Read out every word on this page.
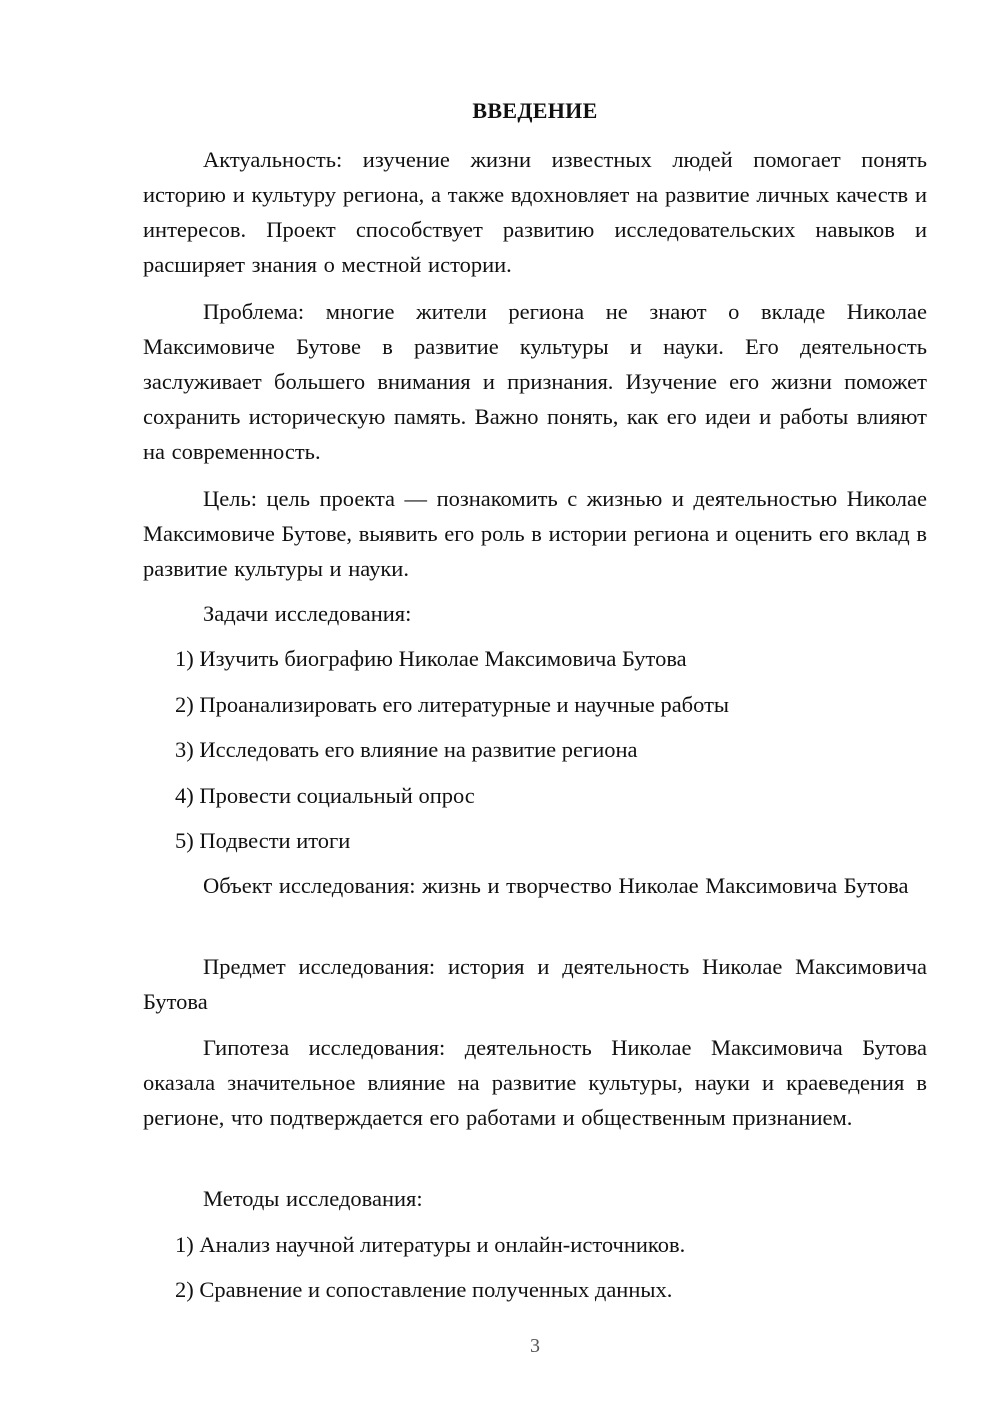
ВВЕДЕНИЕ
Актуальность: изучение жизни известных людей помогает понять историю и культуру региона, а также вдохновляет на развитие личных качеств и интересов. Проект способствует развитию исследовательских навыков и расширяет знания о местной истории.
Проблема: многие жители региона не знают о вкладе Николае Максимовиче Бутове в развитие культуры и науки. Его деятельность заслуживает большего внимания и признания. Изучение его жизни поможет сохранить историческую память. Важно понять, как его идеи и работы влияют на современность.
Цель: цель проекта — познакомить с жизнью и деятельностью Николае Максимовиче Бутове, выявить его роль в истории региона и оценить его вклад в развитие культуры и науки.
Задачи исследования:
1) Изучить биографию Николае Максимовича Бутова
2) Проанализировать его литературные и научные работы
3) Исследовать его влияние на развитие региона
4) Провести социальный опрос
5) Подвести итоги
Объект исследования: жизнь и творчество Николае Максимовича Бутова
Предмет исследования: история и деятельность Николае Максимовича Бутова
Гипотеза исследования: деятельность Николае Максимовича Бутова оказала значительное влияние на развитие культуры, науки и краеведения в регионе, что подтверждается его работами и общественным признанием.
Методы исследования:
1) Анализ научной литературы и онлайн-источников.
2) Сравнение и сопоставление полученных данных.
3
